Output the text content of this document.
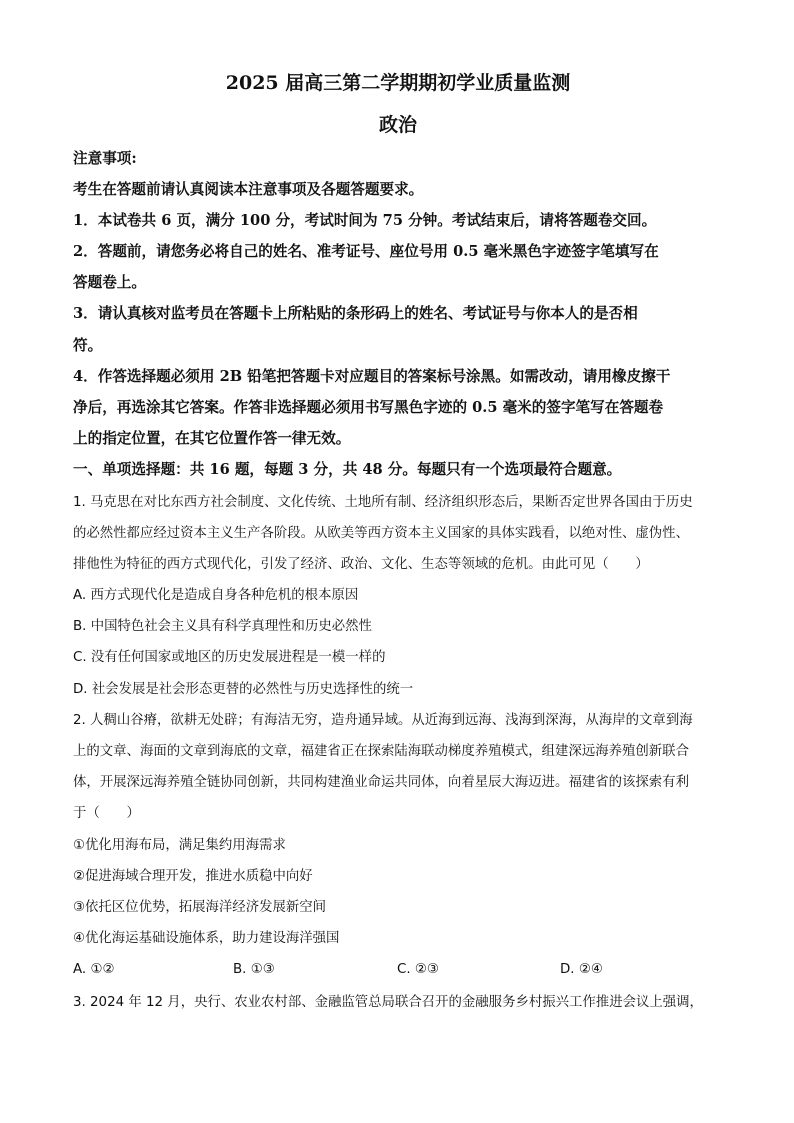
2025 届高三第二学期期初学业质量监测
政治
注意事项:
考生在答题前请认真阅读本注意事项及各题答题要求。
1．本试卷共 6 页，满分 100 分，考试时间为 75 分钟。考试结束后，请将答题卷交回。
2．答题前，请您务必将自己的姓名、准考证号、座位号用 0.5 毫米黑色字迹签字笔填写在
答题卷上。
3．请认真核对监考员在答题卡上所粘贴的条形码上的姓名、考试证号与你本人的是否相
符。
4．作答选择题必须用 2B 铅笔把答题卡对应题目的答案标号涂黑。如需改动，请用橡皮擦干
净后，再选涂其它答案。作答非选择题必须用书写黑色字迹的 0.5 毫米的签字笔写在答题卷
上的指定位置，在其它位置作答一律无效。
一、单项选择题：共 16 题，每题 3 分，共 48 分。每题只有一个选项最符合题意。
1. 马克思在对比东西方社会制度、文化传统、土地所有制、经济组织形态后，果断否定世界各国由于历史
的必然性都应经过资本主义生产各阶段。从欧美等西方资本主义国家的具体实践看，以绝对性、虚伪性、
排他性为特征的西方式现代化，引发了经济、政治、文化、生态等领域的危机。由此可见（　　）
A. 西方式现代化是造成自身各种危机的根本原因
B. 中国特色社会主义具有科学真理性和历史必然性
C. 没有任何国家或地区的历史发展进程是一模一样的
D. 社会发展是社会形态更替的必然性与历史选择性的统一
2. 人稠山谷瘠，欲耕无处辟；有海洁无穷，造舟通异域。从近海到远海、浅海到深海，从海岸的文章到海
上的文章、海面的文章到海底的文章，福建省正在探索陆海联动梯度养殖模式，组建深远海养殖创新联合
体，开展深远海养殖全链协同创新，共同构建渔业命运共同体，向着星辰大海迈进。福建省的该探索有利
于（　　）
①优化用海布局，满足集约用海需求
②促进海域合理开发，推进水质稳中向好
③依托区位优势，拓展海洋经济发展新空间
④优化海运基础设施体系，助力建设海洋强国
A. ①②	B. ①③	C. ②③	D. ②④
3. 2024 年 12 月，央行、农业农村部、金融监管总局联合召开的金融服务乡村振兴工作推进会议上强调，
